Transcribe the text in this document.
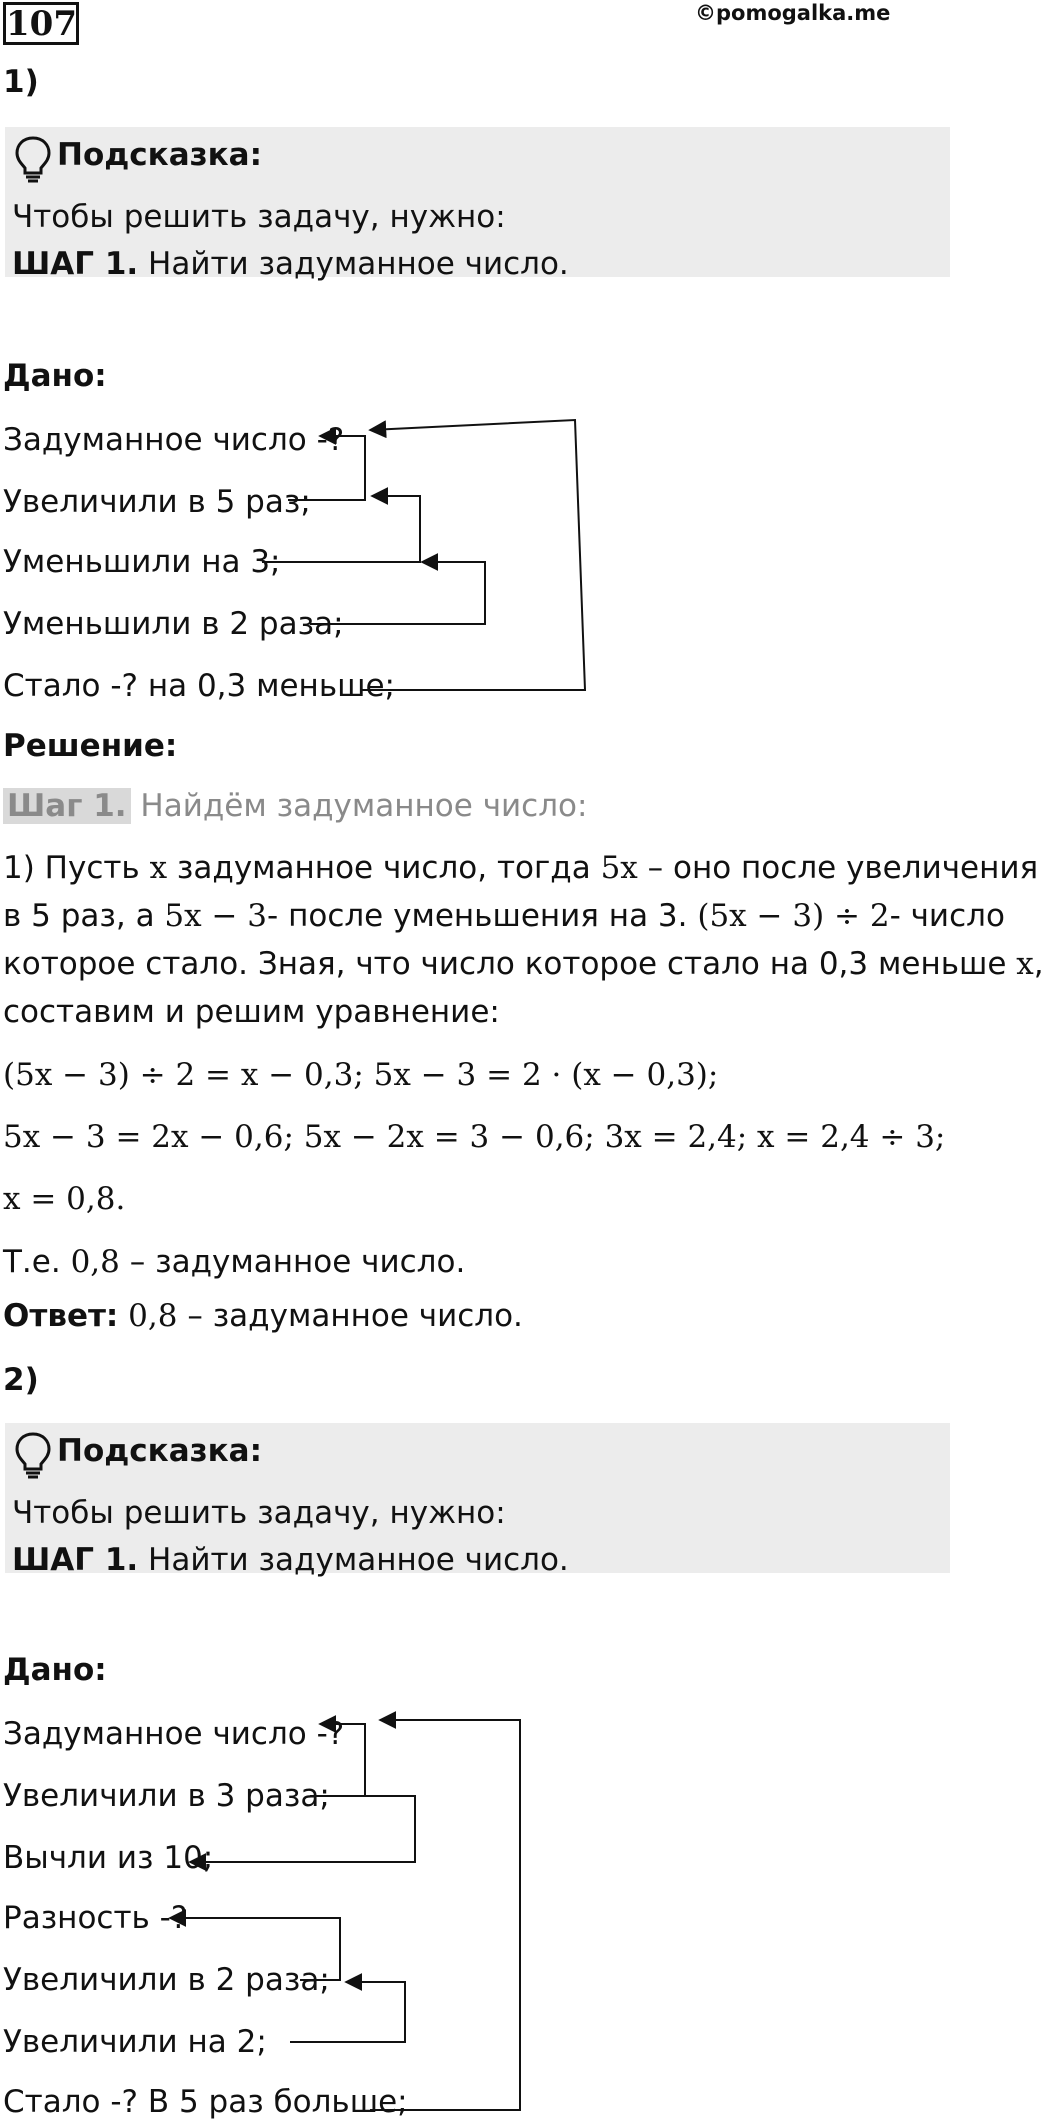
107	©pomogalka.me
1)
Подсказка:
Чтобы решить задачу, нужно:
ШАГ 1. Найти задуманное число.
Дано:
Задуманное число -?
Увеличили в 5 раз;
Уменьшили на 3;
Уменьшили в 2 раза;
Стало -? на 0,3 меньше;
Решение:
Шаг 1. Найдём задуманное число:
1) Пусть x задуманное число, тогда 5x – оно после увеличения
в 5 раз, а 5x − 3- после уменьшения на 3. (5x − 3) ÷ 2- число
которое стало. Зная, что число которое стало на 0,3 меньше x,
составим и решим уравнение:
(5x − 3) ÷ 2 = x − 0,3; 5x − 3 = 2 · (x − 0,3);
5x − 3 = 2x − 0,6; 5x − 2x = 3 − 0,6; 3x = 2,4; x = 2,4 ÷ 3;
x = 0,8.
Т.е. 0,8 – задуманное число.
Ответ: 0,8 – задуманное число.
2)
Подсказка:
Чтобы решить задачу, нужно:
ШАГ 1. Найти задуманное число.
Дано:
Задуманное число -?
Увеличили в 3 раза;
Вычли из 10;
Разность -?
Увеличили в 2 раза;
Увеличили на 2;
Стало -? В 5 раз больше;
